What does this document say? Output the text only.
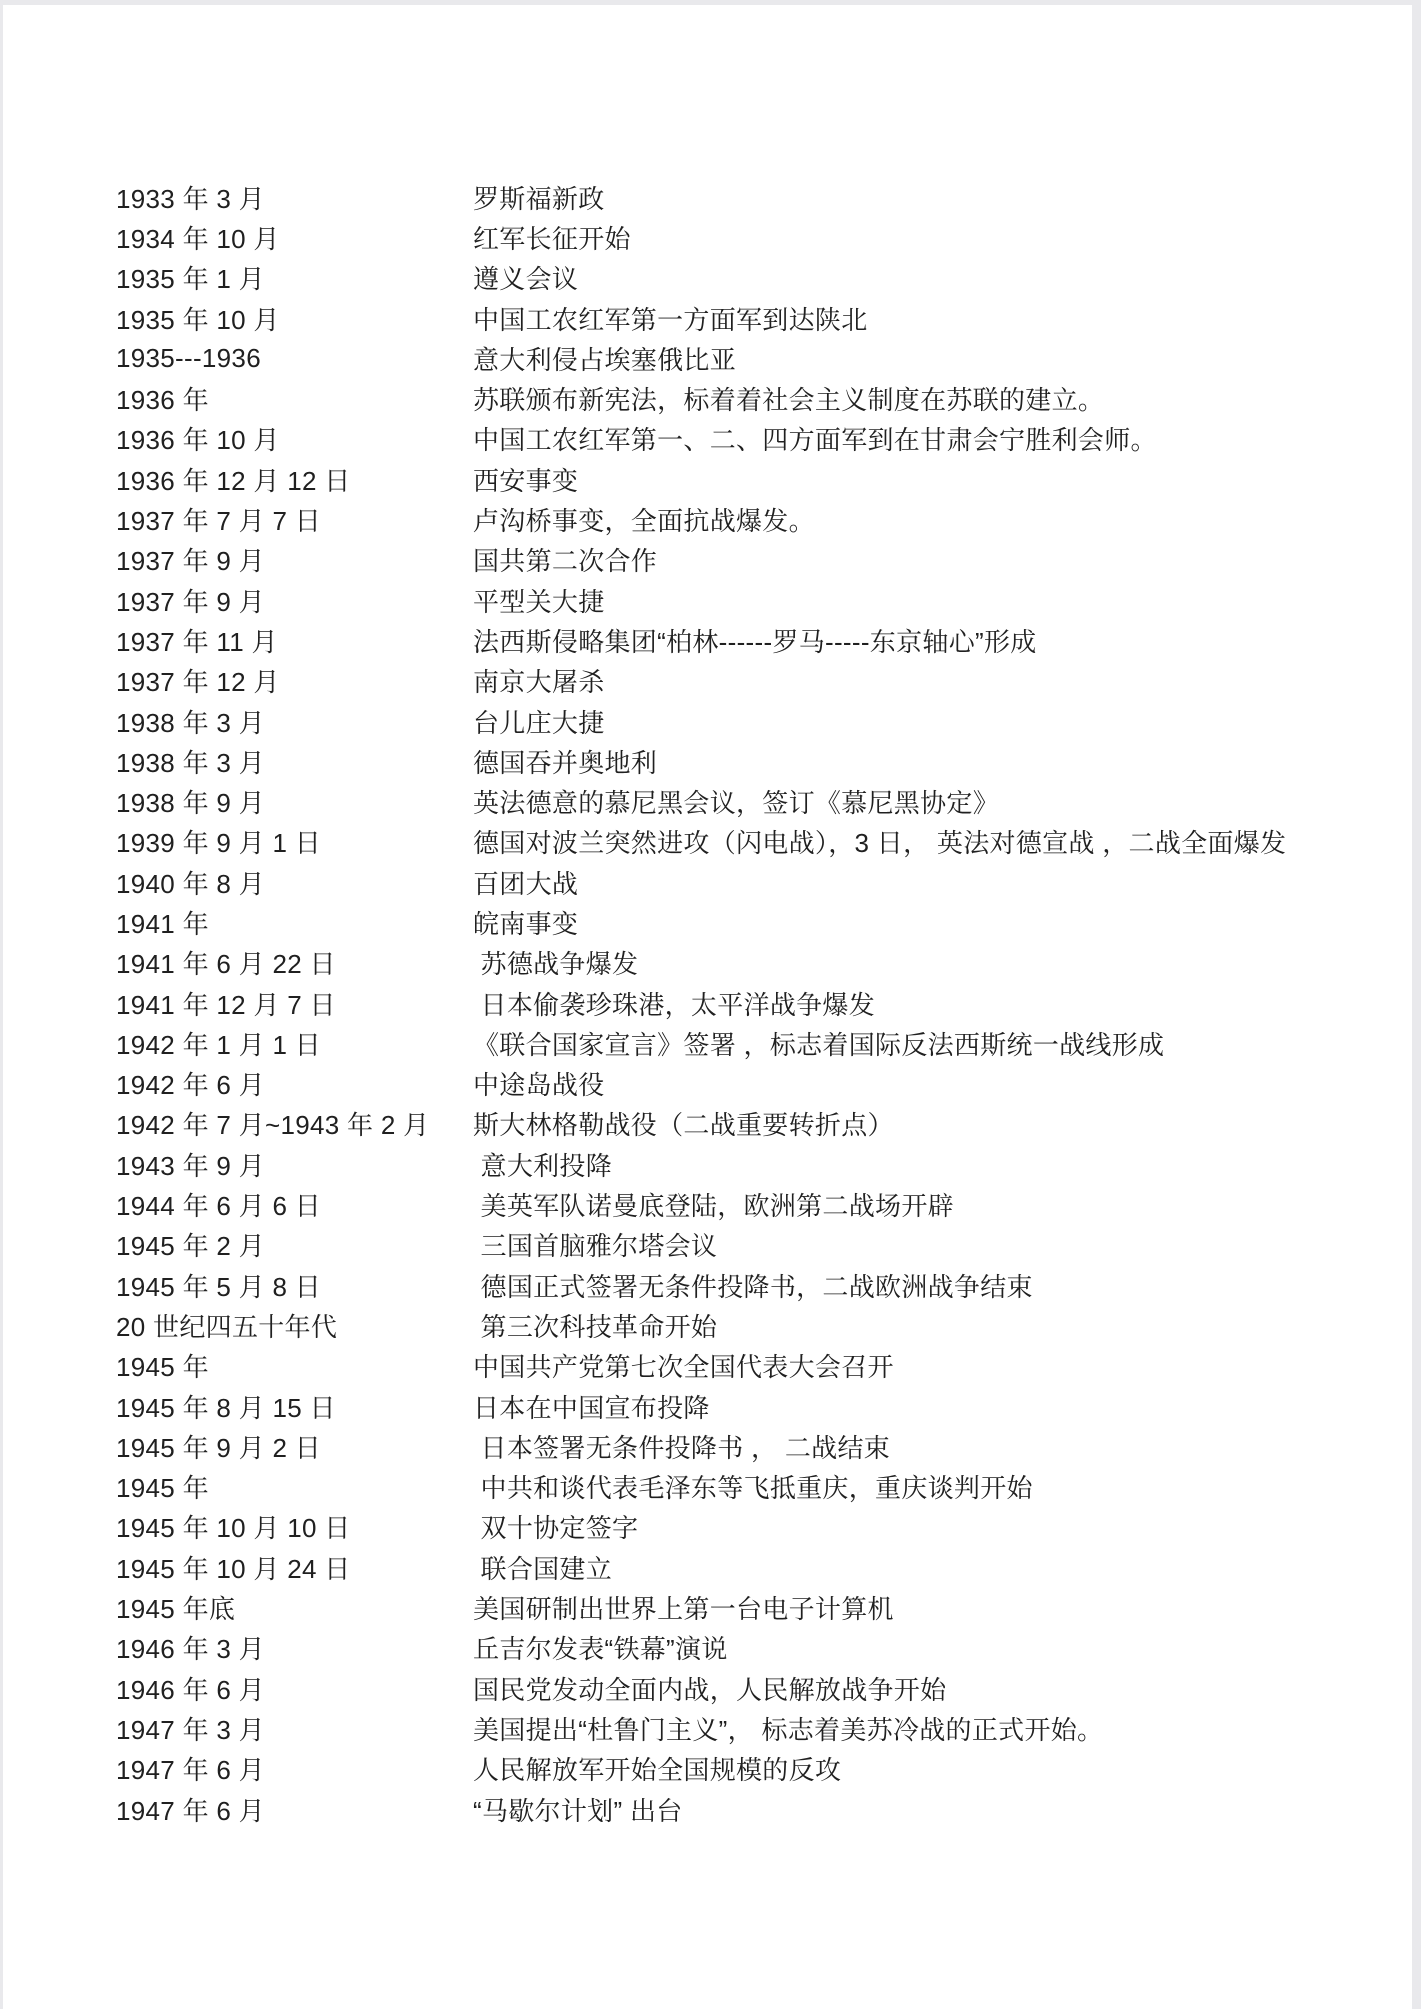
1933 年 3 月	罗斯福新政
1934 年 10 月	红军长征开始
1935 年 1 月	遵义会议
1935 年 10 月	中国工农红军第一方面军到达陕北
1935---1936	意大利侵占埃塞俄比亚
1936 年	苏联颁布新宪法，标着着社会主义制度在苏联的建立。
1936 年 10 月	中国工农红军第一、二、四方面军到在甘肃会宁胜利会师。
1936 年 12 月 12 日	西安事变
1937 年 7 月 7 日	卢沟桥事变，全面抗战爆发。
1937 年 9 月	国共第二次合作
1937 年 9 月	平型关大捷
1937 年 11 月	法西斯侵略集团“柏林------罗马-----东京轴心”形成
1937 年 12 月	南京大屠杀
1938 年 3 月	台儿庄大捷
1938 年 3 月	德国吞并奥地利
1938 年 9 月	英法德意的慕尼黑会议，签订《慕尼黑协定》
1939 年 9 月 1 日	德国对波兰突然进攻（闪电战），3 日， 英法对德宣战 ，二战全面爆发
1940 年 8 月	百团大战
1941 年	皖南事变
1941 年 6 月 22 日	苏德战争爆发
1941 年 12 月 7 日	日本偷袭珍珠港，太平洋战争爆发
1942 年 1 月 1 日	《联合国家宣言》签署 ，标志着国际反法西斯统一战线形成
1942 年 6 月	中途岛战役
1942 年 7 月~1943 年 2 月	斯大林格勒战役（二战重要转折点）
1943 年 9 月	意大利投降
1944 年 6 月 6 日	美英军队诺曼底登陆，欧洲第二战场开辟
1945 年 2 月	三国首脑雅尔塔会议
1945 年 5 月 8 日	德国正式签署无条件投降书，二战欧洲战争结束
20 世纪四五十年代	第三次科技革命开始
1945 年	中国共产党第七次全国代表大会召开
1945 年 8 月 15 日	日本在中国宣布投降
1945 年 9 月 2 日	日本签署无条件投降书 ， 二战结束
1945 年	中共和谈代表毛泽东等飞抵重庆，重庆谈判开始
1945 年 10 月 10 日	双十协定签字
1945 年 10 月 24 日	联合国建立
1945 年底	美国研制出世界上第一台电子计算机
1946 年 3 月	丘吉尔发表“铁幕”演说
1946 年 6 月	国民党发动全面内战，人民解放战争开始
1947 年 3 月	美国提出“杜鲁门主义”， 标志着美苏冷战的正式开始。
1947 年 6 月	人民解放军开始全国规模的反攻
1947 年 6 月	“马歇尔计划” 出台
